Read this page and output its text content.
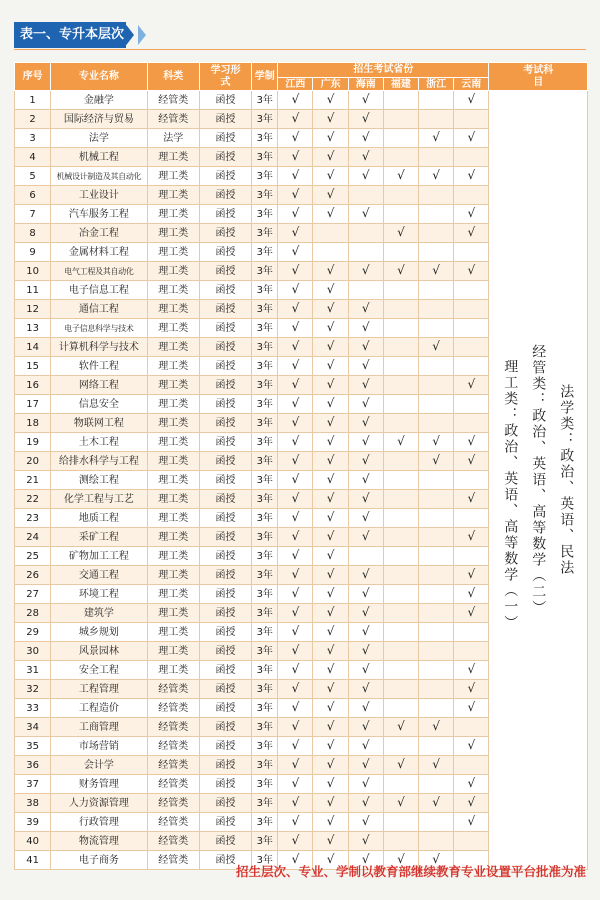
表一、专升本层次
序号	专业名称	科类	学习形式	学制	招生考试省份						考试科目
					江西	广东	海南	福建	浙江	云南	
1	金融学	经管类	函授	3年	√	√	√			√	法学类：政治、英语、民法
经管类：政治、英语、高等数学（二）
理工类：政治、英语、高等数学（一）

2	国际经济与贸易	经管类	函授	3年	√	√	√				
3	法学	法学	函授	3年	√	√	√		√	√	
4	机械工程	理工类	函授	3年	√	√	√				
5	机械设计制造及其自动化	理工类	函授	3年	√	√	√	√	√	√	
6	工业设计	理工类	函授	3年	√	√					
7	汽车服务工程	理工类	函授	3年	√	√	√			√	
8	冶金工程	理工类	函授	3年	√			√		√	
9	金属材料工程	理工类	函授	3年	√						
10	电气工程及其自动化	理工类	函授	3年	√	√	√	√	√	√	
11	电子信息工程	理工类	函授	3年	√	√					
12	通信工程	理工类	函授	3年	√	√	√				
13	电子信息科学与技术	理工类	函授	3年	√	√	√				
14	计算机科学与技术	理工类	函授	3年	√	√	√		√		
15	软件工程	理工类	函授	3年	√	√	√				
16	网络工程	理工类	函授	3年	√	√	√			√	
17	信息安全	理工类	函授	3年	√	√	√				
18	物联网工程	理工类	函授	3年	√	√	√				
19	土木工程	理工类	函授	3年	√	√	√	√	√	√	
20	给排水科学与工程	理工类	函授	3年	√	√	√		√	√	
21	测绘工程	理工类	函授	3年	√	√	√				
22	化学工程与工艺	理工类	函授	3年	√	√	√			√	
23	地质工程	理工类	函授	3年	√	√	√				
24	采矿工程	理工类	函授	3年	√	√	√			√	
25	矿物加工工程	理工类	函授	3年	√	√					
26	交通工程	理工类	函授	3年	√	√	√			√	
27	环境工程	理工类	函授	3年	√	√	√			√	
28	建筑学	理工类	函授	3年	√	√	√			√	
29	城乡规划	理工类	函授	3年	√	√	√				
30	风景园林	理工类	函授	3年	√	√	√				
31	安全工程	理工类	函授	3年	√	√	√			√	
32	工程管理	经管类	函授	3年	√	√	√			√	
33	工程造价	经管类	函授	3年	√	√	√			√	
34	工商管理	经管类	函授	3年	√	√	√	√	√		
35	市场营销	经管类	函授	3年	√	√	√			√	
36	会计学	经管类	函授	3年	√	√	√	√	√		
37	财务管理	经管类	函授	3年	√	√	√			√	
38	人力资源管理	经管类	函授	3年	√	√	√	√	√	√	
39	行政管理	经管类	函授	3年	√	√	√			√	
40	物流管理	经管类	函授	3年	√	√	√				
41	电子商务	经管类	函授	3年	√	√	√	√	√		
招生层次、专业、学制以教育部继续教育专业设置平台批准为准
